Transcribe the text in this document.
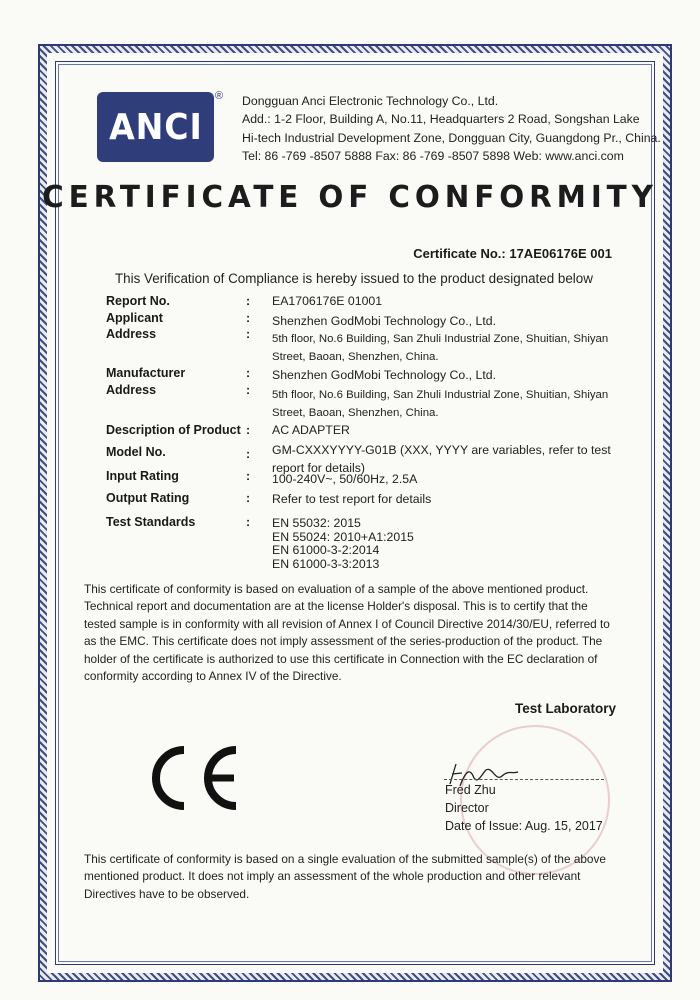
ANCI
® Dongguan Anci Electronic Technology Co., Ltd.
Add.: 1-2 Floor, Building A, No.11, Headquarters 2 Road, Songshan Lake
Hi-tech Industrial Development Zone, Dongguan City, Guangdong Pr., China.
Tel: 86 -769 -8507 5888 Fax: 86 -769 -8507 5898 Web: www.anci.com
CERTIFICATE OF CONFORMITY
Certificate No.: 17AE06176E 001
This Verification of Compliance is hereby issued to the product designated below
Report No.	: EA1706176E 01001
Applicant	: Shenzhen GodMobi Technology Co., Ltd.
Address	: 5th floor, No.6 Building, San Zhuli Industrial Zone, Shuitian, Shiyan Street, Baoan, Shenzhen, China.
Manufacturer	: Shenzhen GodMobi Technology Co., Ltd.
Address	: 5th floor, No.6 Building, San Zhuli Industrial Zone, Shuitian, Shiyan Street, Baoan, Shenzhen, China.
Description of Product : AC ADAPTER
Model No.	: GM-CXXXYYYY-G01B (XXX, YYYY are variables, refer to test report for details)
Input Rating	: 100-240V~, 50/60Hz, 2.5A
Output Rating	: Refer to test report for details
Test Standards	: EN 55032: 2015
EN 55024: 2010+A1:2015
EN 61000-3-2:2014
EN 61000-3-3:2013
This certificate of conformity is based on evaluation of a sample of the above mentioned product. Technical report and documentation are at the license Holder's disposal. This is to certify that the tested sample is in conformity with all revision of Annex I of Council Directive 2014/30/EU, referred to as the EMC. This certificate does not imply assessment of the series-production of the product. The holder of the certificate is authorized to use this certificate in Connection with the EC declaration of conformity according to Annex IV of the Directive.
Test Laboratory
Fred Zhu
Director
Date of Issue: Aug. 15, 2017
This certificate of conformity is based on a single evaluation of the submitted sample(s) of the above mentioned product. It does not imply an assessment of the whole production and other relevant Directives have to be observed.
